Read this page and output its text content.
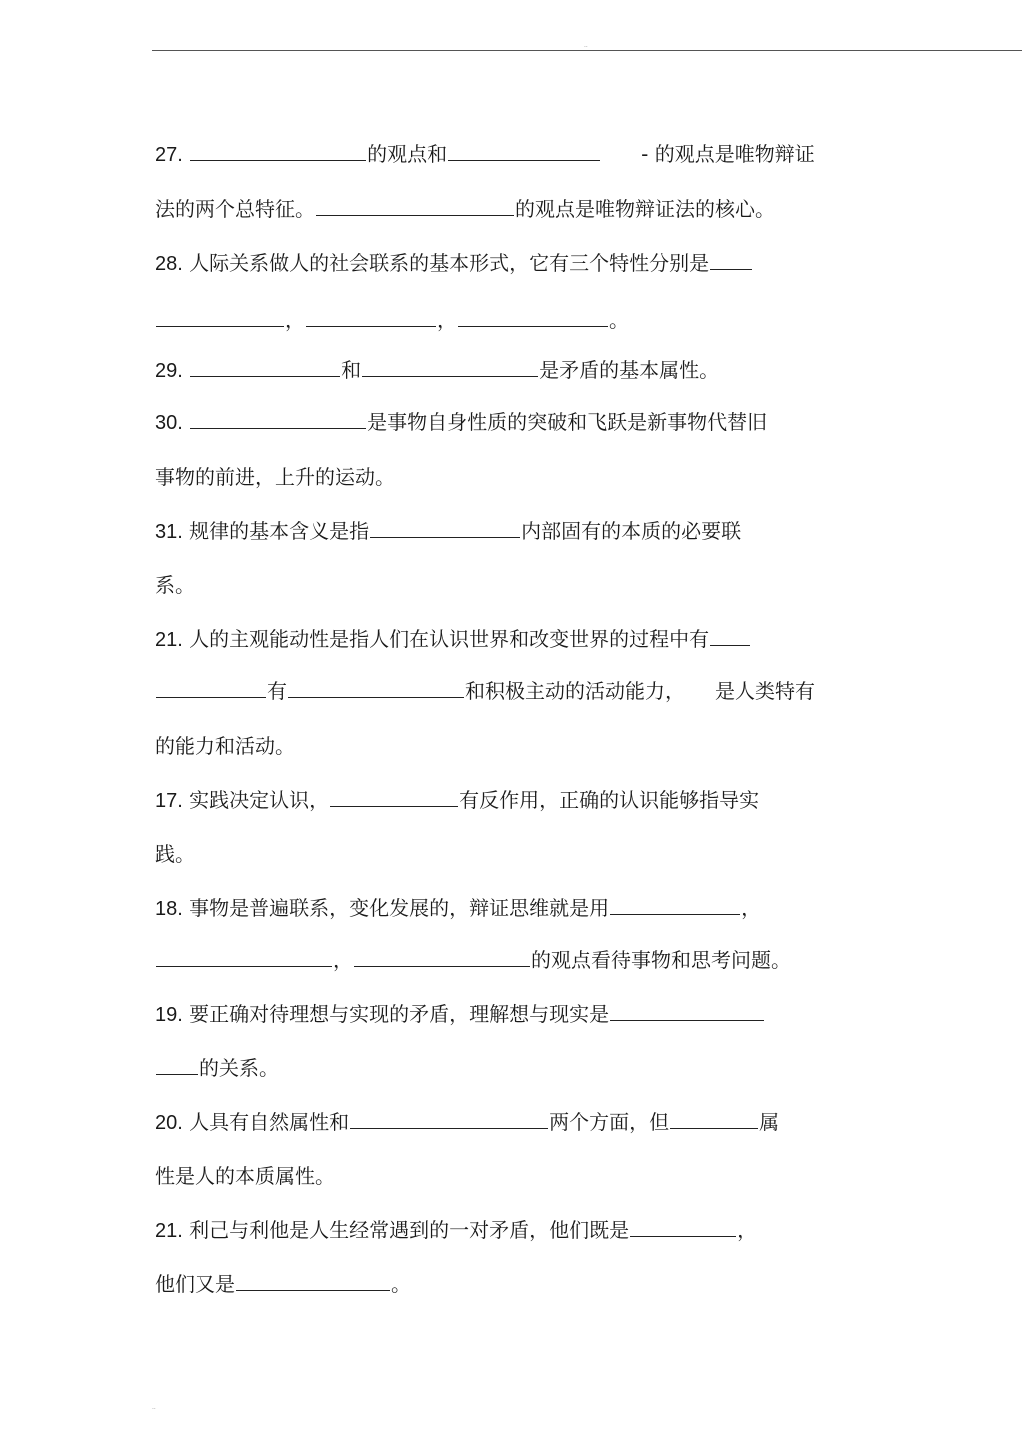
..
27.	的观点和	- 的观点是唯物辩证
法的两个总特征。	的观点是唯物辩证法的核心。
28. 人际关系做人的社会联系的基本形式，它有三个特性分别是
，	，	。
29.	和	是矛盾的基本属性。
30.	是事物自身性质的突破和飞跃是新事物代替旧
事物的前进，上升的运动。
31. 规律的基本含义是指	内部固有的本质的必要联
系。
21. 人的主观能动性是指人们在认识世界和改变世界的过程中有
有	和积极主动的活动能力， 是人类特有
的能力和活动。
17. 实践决定认识，	有反作用，正确的认识能够指导实
践。
18. 事物是普遍联系，变化发展的，辩证思维就是用	，
，	的观点看待事物和思考问题。
19. 要正确对待理想与实现的矛盾，理解想与现实是
的关系。
20. 人具有自然属性和	两个方面，但	属
性是人的本质属性。
21. 利己与利他是人生经常遇到的一对矛盾，他们既是	，
他们又是	。
..
